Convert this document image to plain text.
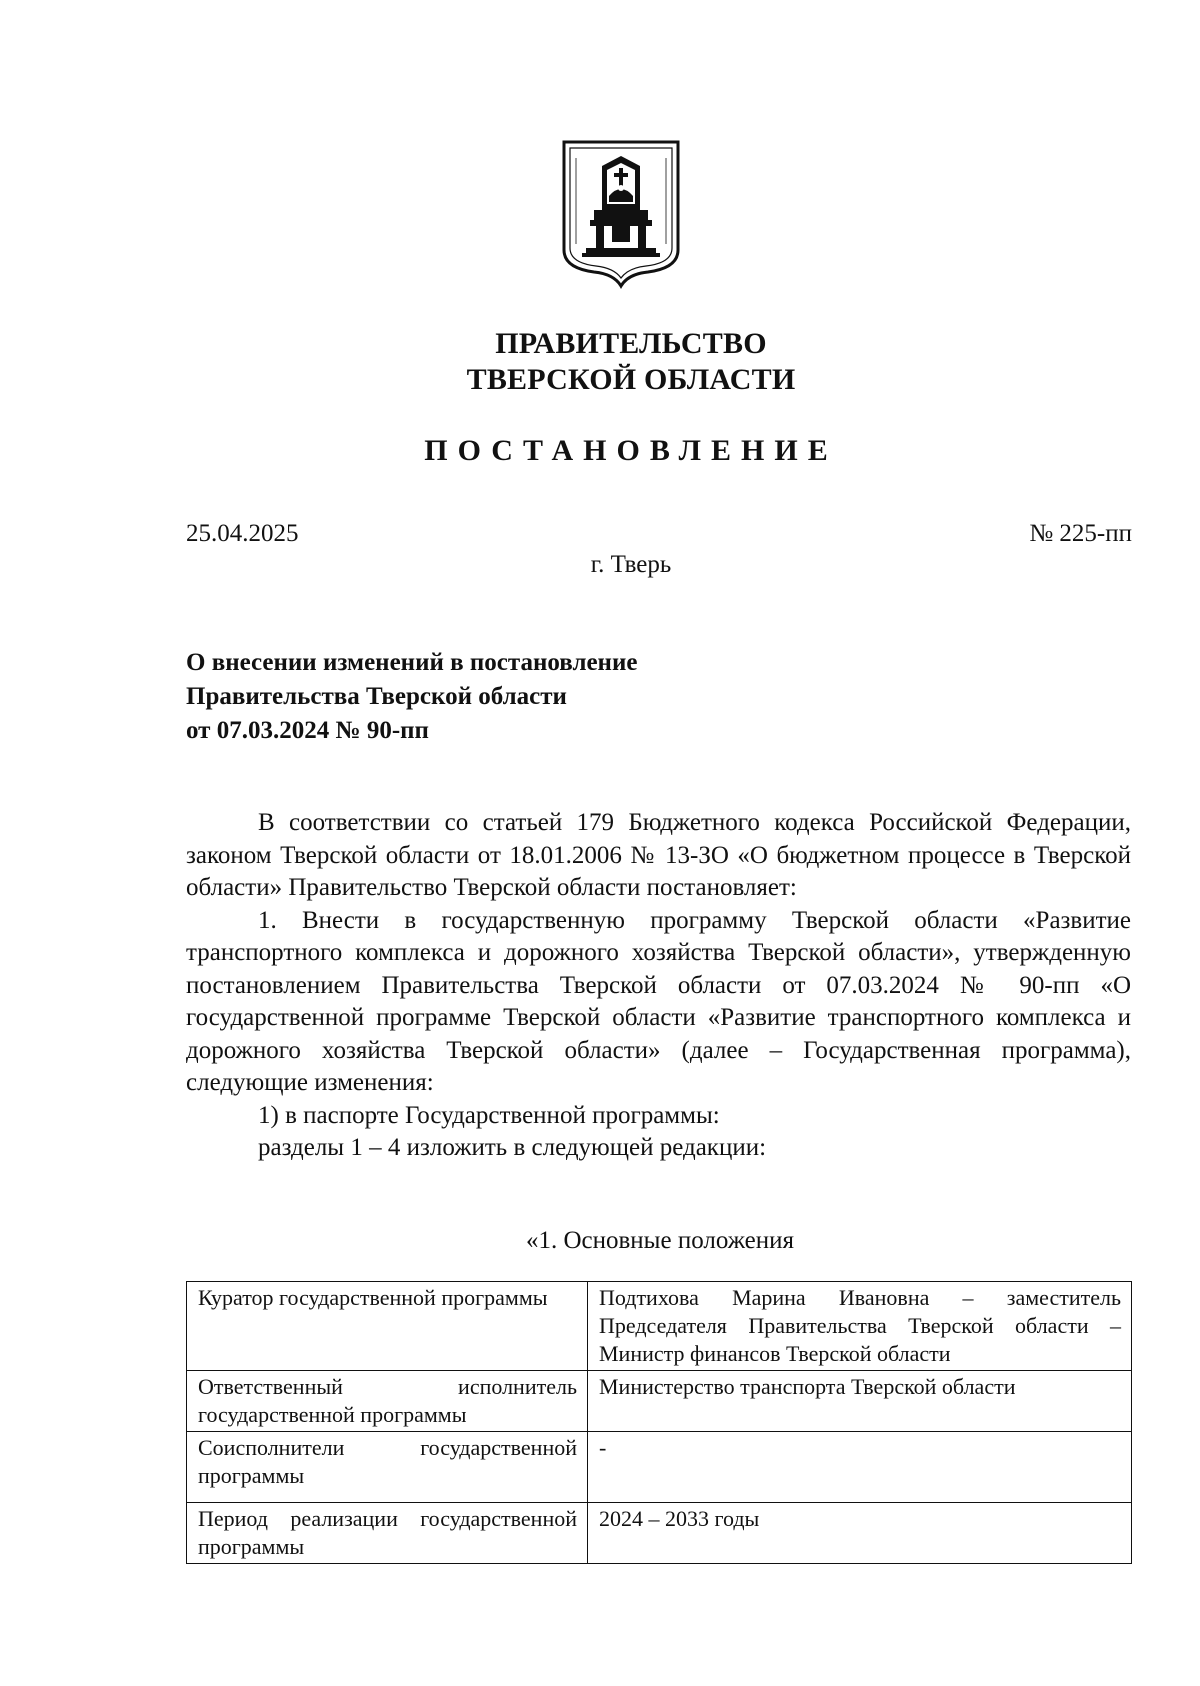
ПРАВИТЕЛЬСТВО
ТВЕРСКОЙ ОБЛАСТИ
ПОСТАНОВЛЕНИЕ
25.04.2025	№ 225-пп
г. Тверь
О внесении изменений в постановление
Правительства Тверской области
от 07.03.2024 № 90-пп

В соответствии со статьей 179 Бюджетного кодекса Российской Федерации, законом Тверской области от 18.01.2006 № 13-ЗО «О бюджетном процессе в Тверской области» Правительство Тверской области постановляет:

1. Внести в государственную программу Тверской области «Развитие транспортного комплекса и дорожного хозяйства Тверской области», утвержденную постановлением Правительства Тверской области от 07.03.2024 № 90-пп «О государственной программе Тверской области «Развитие транспортного комплекса и дорожного хозяйства Тверской области» (далее – Государственная программа), следующие изменения:

1) в паспорте Государственной программы:

разделы 1 – 4 изложить в следующей редакции:

«1. Основные положения
Куратор государственной программы	Подтихова Марина Ивановна – заместитель Председателя Правительства Тверской области – Министр финансов Тверской области
Ответственный исполнитель государственной программы	Министерство транспорта Тверской области
Соисполнители государственной программы	-
Период реализации государственной программы	2024 – 2033 годы
